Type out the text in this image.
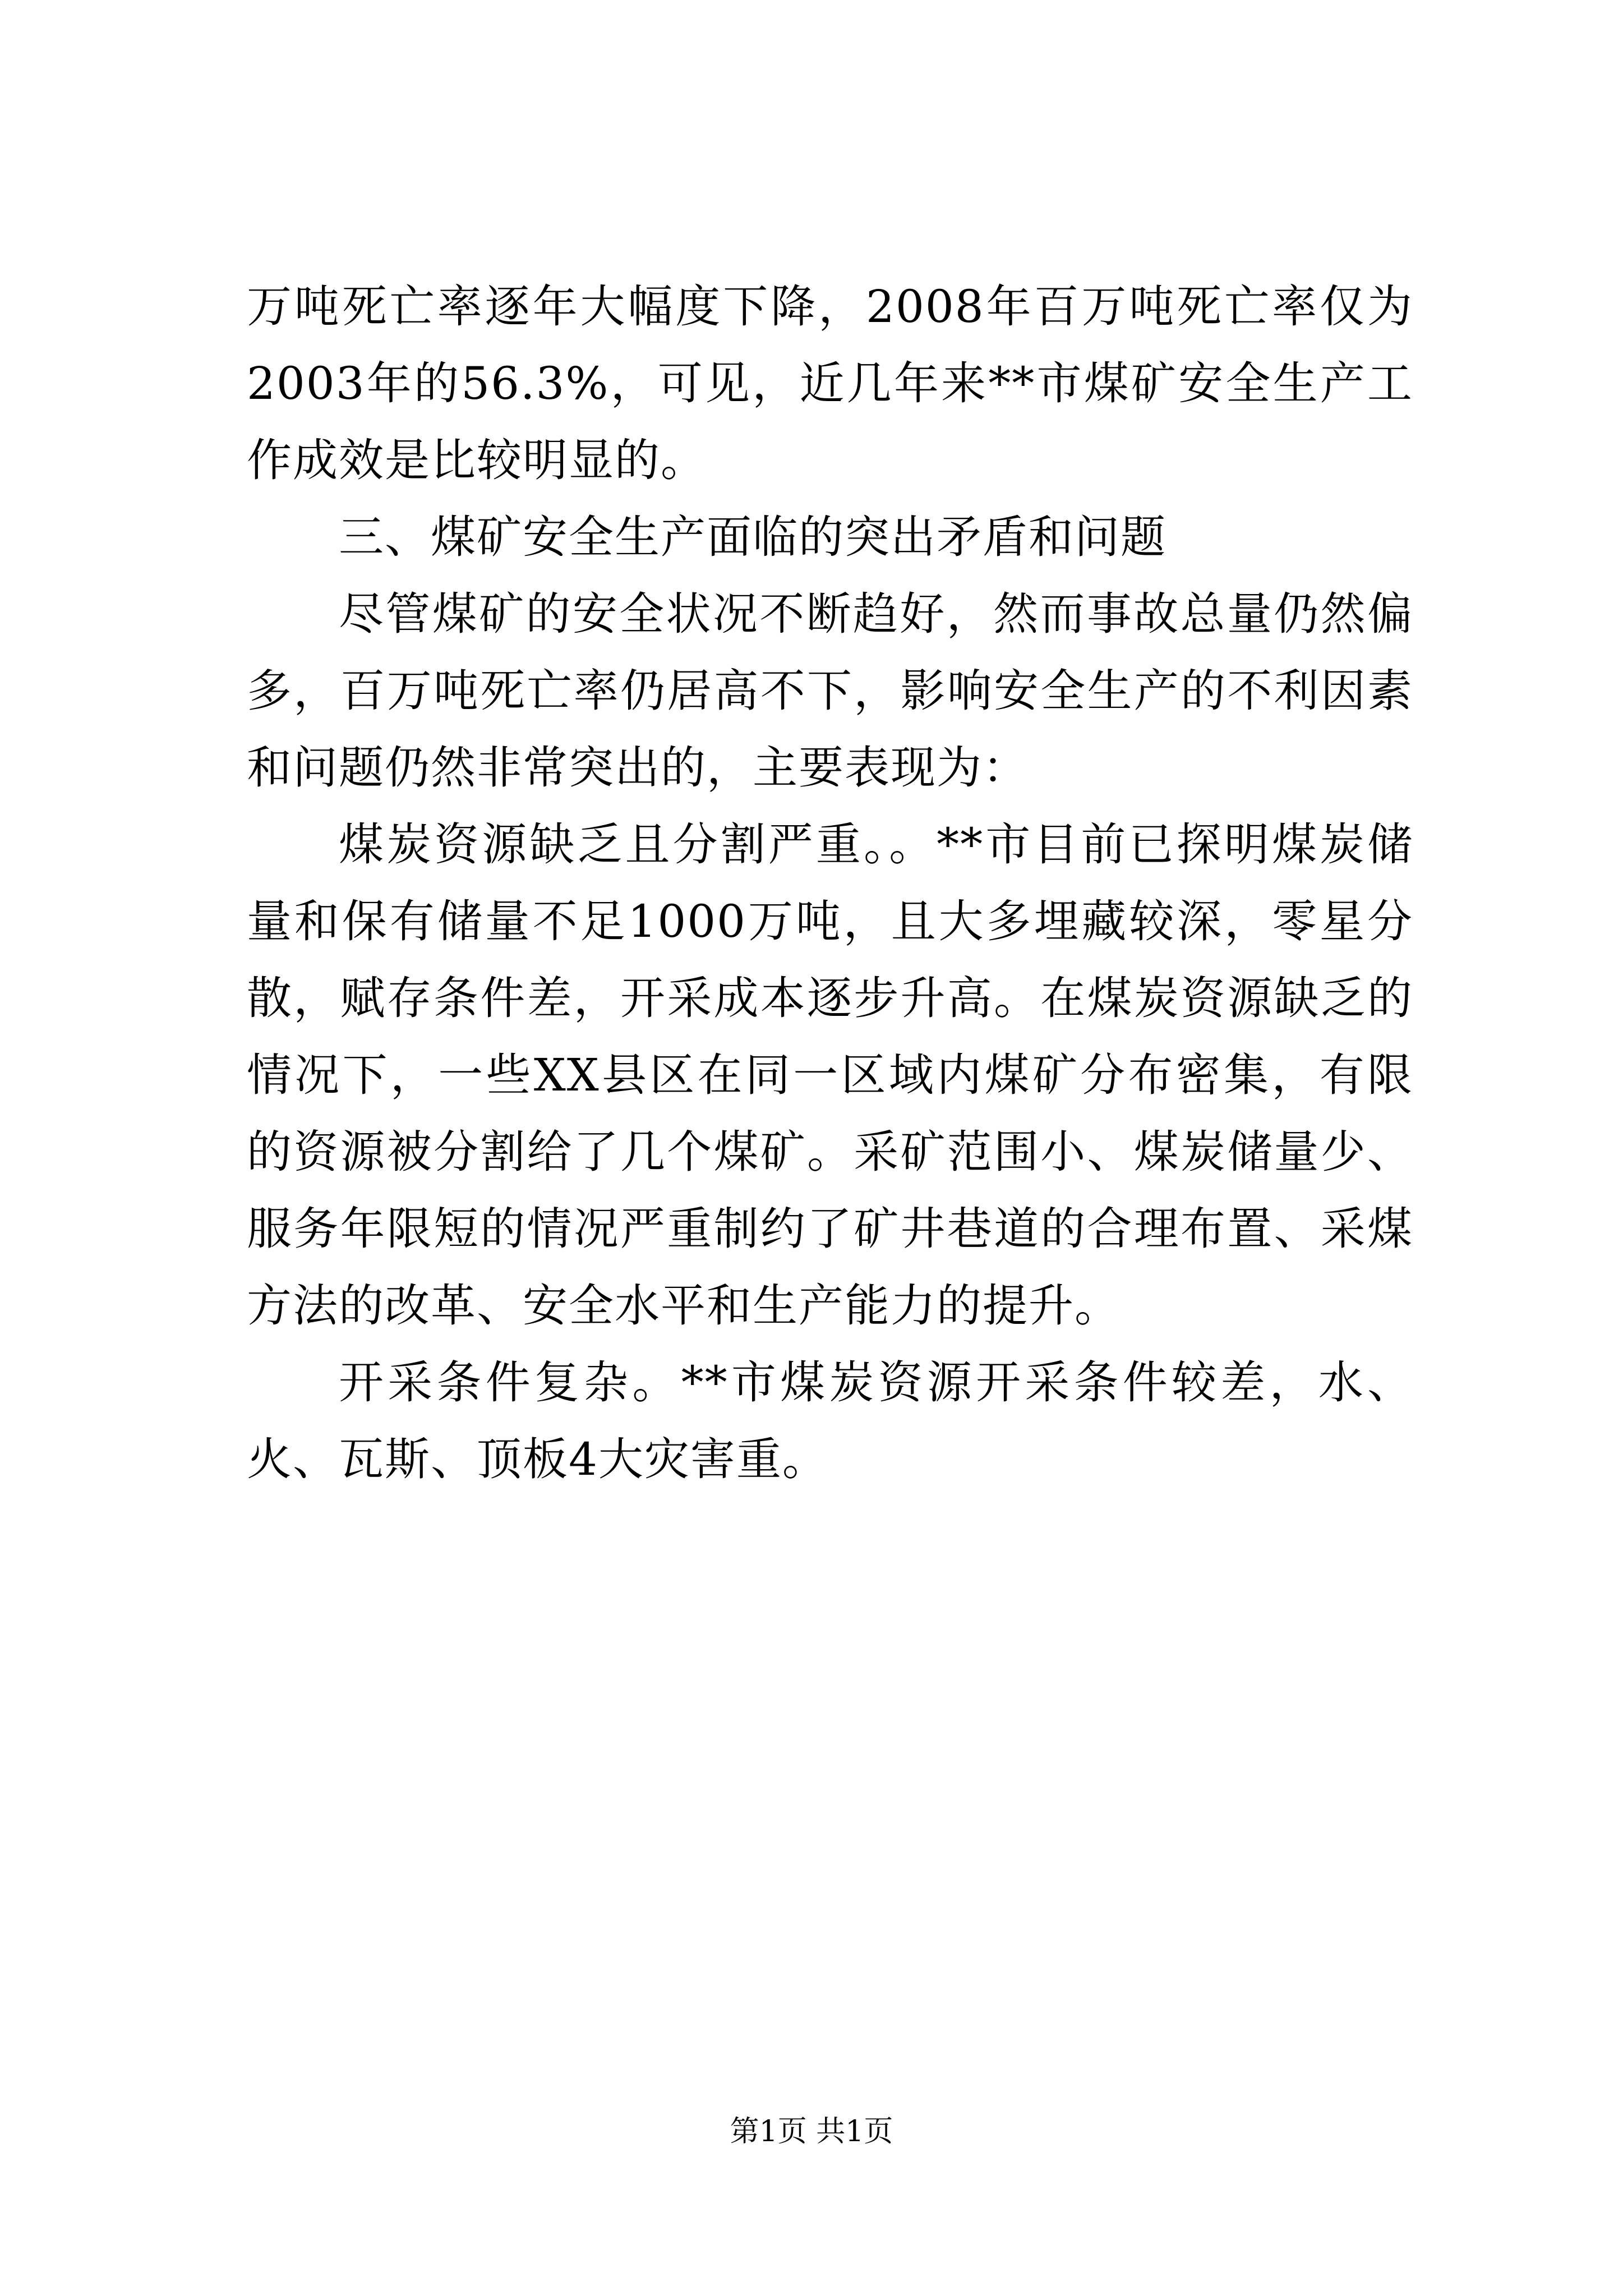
万吨死亡率逐年大幅度下降，2008年百万吨死亡率仅为2003年的56.3%，可见，近几年来**市煤矿安全生产工作成效是比较明显的。

三、煤矿安全生产面临的突出矛盾和问题

尽管煤矿的安全状况不断趋好，然而事故总量仍然偏多，百万吨死亡率仍居高不下，影响安全生产的不利因素和问题仍然非常突出的，主要表现为：

煤炭资源缺乏且分割严重。。**市目前已探明煤炭储量和保有储量不足1000万吨，且大多埋藏较深，零星分散，赋存条件差，开采成本逐步升高。在煤炭资源缺乏的情况下，一些XX县区在同一区域内煤矿分布密集，有限的资源被分割给了几个煤矿。采矿范围小、煤炭储量少、服务年限短的情况严重制约了矿井巷道的合理布置、采煤方法的改革、安全水平和生产能力的提升。

开采条件复杂。**市煤炭资源开采条件较差，水、火、瓦斯、顶板4大灾害重。

第1页 共1页
